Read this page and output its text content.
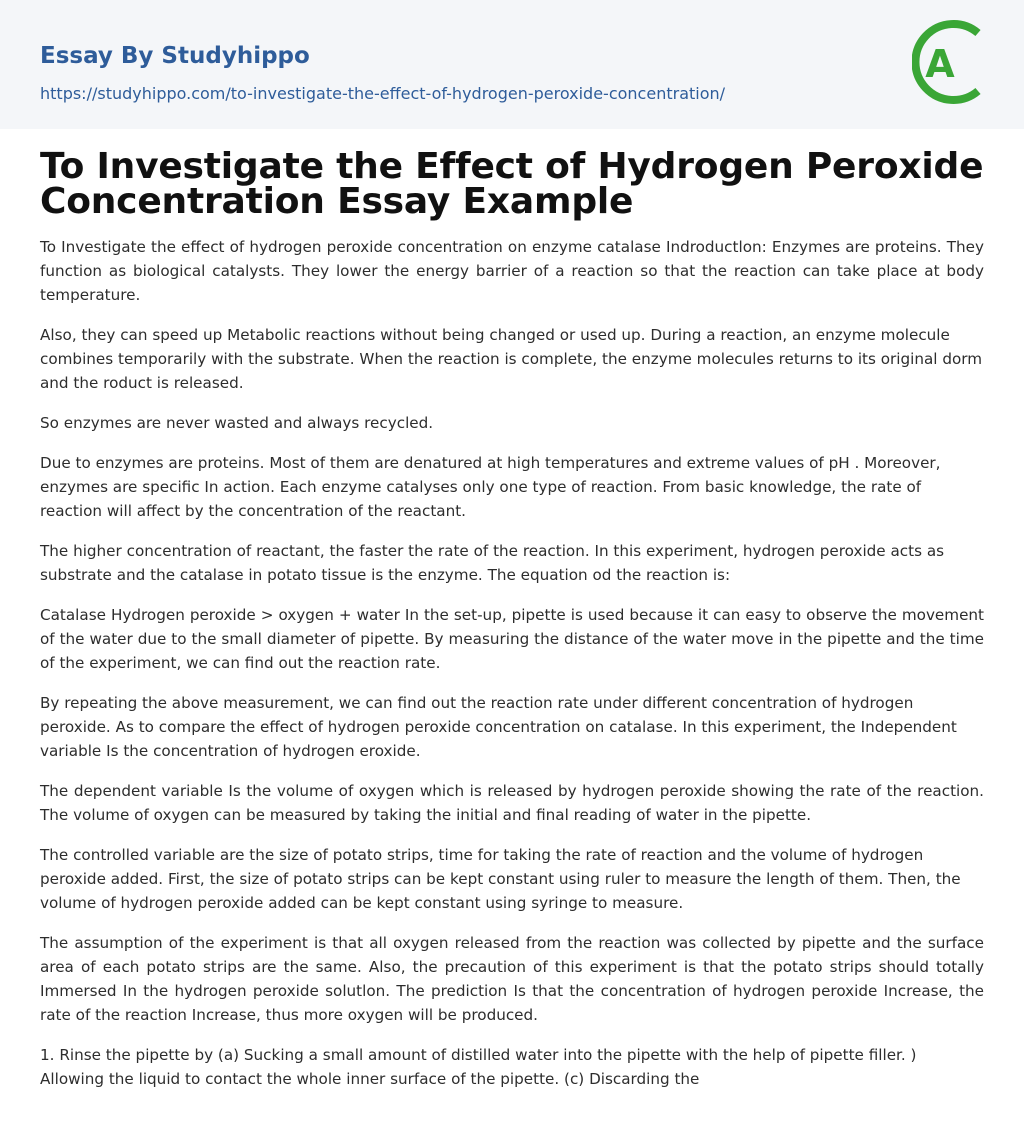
Essay By Studyhippo
https://studyhippo.com/to-investigate-the-effect-of-hydrogen-peroxide-concentration/
A
To Investigate the Effect of Hydrogen Peroxide Concentration Essay Example

To Investigate the effect of hydrogen peroxide concentration on enzyme catalase Indroductlon: Enzymes are proteins. They function as biological catalysts. They lower the energy barrier of a reaction so that the reaction can take place at body temperature.

Also, they can speed up Metabolic reactions without being changed or used up. During a reaction, an enzyme molecule combines temporarily with the substrate. When the reaction is complete, the enzyme molecules returns to its original dorm and the roduct is released.

So enzymes are never wasted and always recycled.

Due to enzymes are proteins. Most of them are denatured at high temperatures and extreme values of pH . Moreover, enzymes are specific In action. Each enzyme catalyses only one type of reaction. From basic knowledge, the rate of reaction will affect by the concentration of the reactant.

The higher concentration of reactant, the faster the rate of the reaction. In this experiment, hydrogen peroxide acts as substrate and the catalase in potato tissue is the enzyme. The equation od the reaction is:

Catalase Hydrogen peroxide > oxygen + water In the set-up, pipette is used because it can easy to observe the movement of the water due to the small diameter of pipette. By measuring the distance of the water move in the pipette and the time of the experiment, we can find out the reaction rate.

By repeating the above measurement, we can find out the reaction rate under different concentration of hydrogen peroxide. As to compare the effect of hydrogen peroxide concentration on catalase. In this experiment, the Independent variable Is the concentration of hydrogen eroxide.

The dependent variable Is the volume of oxygen which is released by hydrogen peroxide showing the rate of the reaction. The volume of oxygen can be measured by taking the initial and final reading of water in the pipette.

The controlled variable are the size of potato strips, time for taking the rate of reaction and the volume of hydrogen peroxide added. First, the size of potato strips can be kept constant using ruler to measure the length of them. Then, the volume of hydrogen peroxide added can be kept constant using syringe to measure.

The assumption of the experiment is that all oxygen released from the reaction was collected by pipette and the surface area of each potato strips are the same. Also, the precaution of this experiment is that the potato strips should totally Immersed In the hydrogen peroxide solutlon. The prediction Is that the concentration of hydrogen peroxide Increase, the rate of the reaction Increase, thus more oxygen will be produced.

1. Rinse the pipette by (a) Sucking a small amount of distilled water into the pipette with the help of pipette filler. ) Allowing the liquid to contact the whole inner surface of the pipette. (c) Discarding the
